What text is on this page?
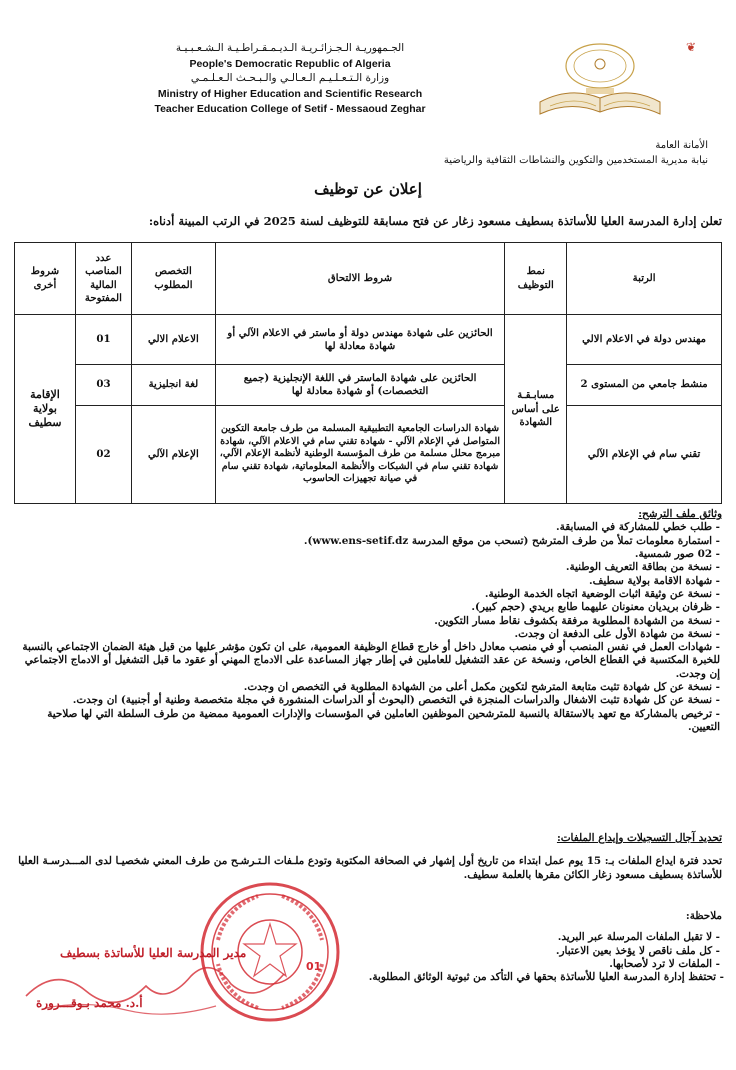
الجـمهوريـة الـجـزائـريـة الـديـمـقـراطـيـة الـشـعـبـيـة
People's Democratic Republic of Algeria
وزارة الـتـعـلـيـم الـعـالـي والـبـحـث الـعـلـمـي
Ministry of Higher Education and Scientific Research
Teacher Education College of Setif - Messaoud Zeghar
❦
الأمانة العامة
نيابة مديرية المستخدمين والتكوين والنشاطات الثقافية والرياضية
إعلان عن توظيف
تعلن إدارة المدرسة العليا للأساتذة بسطيف مسعود زغار عن فتح مسابقة للتوظيف لسنة 2025 في الرتب المبينة أدناه:
الرتبة	نمط التوظيف	شروط الالتحاق	التخصص المطلوب	عدد المناصب المالية المفتوحة	شروط أخرى
مهندس دولة في الاعلام الالي	مسابـقـة على أساس الشهادة	الحائزين على شهادة مهندس دولة أو ماستر في الاعلام الآلي أو شهادة معادلة لها	الاعلام الالي	01	الإقامة بولاية سطيف
منشط جامعي من المستوى 2		الحائزين على شهادة الماستر في اللغة الإنجليزية (جميع التخصصات) أو شهادة معادلة لها	لغة انجليزية	03	
تقني سام في الإعلام الآلي		شهادة الدراسات الجامعية التطبيقية المسلمة من طرف جامعة التكوين المتواصل في الإعلام الآلي - شهادة تقني سام في الاعلام الآلي، شهادة مبرمج محلل مسلمة من طرف المؤسسة الوطنية لأنظمة الإعلام الآلي، شهادة تقني سام في الشبكات والأنظمة المعلوماتية، شهادة تقني سام في صيانة تجهيزات الحاسوب	الإعلام الآلي	02	
وثائق ملف الترشح:
- طلب خطي للمشاركة في المسابقة.
- استمارة معلومات تملأ من طرف المترشح (تسحب من موقع المدرسة www.ens-setif.dz).
- 02 صور شمسية.
- نسخة من بطاقة التعريف الوطنية.
- شهادة الاقامة بولاية سطيف.
- نسخة عن وثيقة اثبات الوضعية اتجاه الخدمة الوطنية.
- ظرفان بريديان معنونان عليهما طابع بريدي (حجم كبير).
- نسخة من الشهادة المطلوبة مرفقة بكشوف نقاط مسار التكوين.
- نسخة من شهادة الأول على الدفعة ان وجدت.
- شهادات العمل في نفس المنصب أو في منصب معادل داخل أو خارج قطاع الوظيفة العمومية، على ان تكون مؤشر عليها من قبل هيئة الضمان الاجتماعي بالنسبة للخبرة المكتسبة في القطاع الخاص، ونسخة عن عقد التشغيل للعاملين في إطار جهاز المساعدة على الادماج المهني أو عقود ما قبل التشغيل أو الادماج الاجتماعي إن وجدت.
- نسخة عن كل شهادة تثبت متابعة المترشح لتكوين مكمل أعلى من الشهادة المطلوبة في التخصص ان وجدت.
- نسخة عن كل شهادة تثبت الاشغال والدراسات المنجزة في التخصص (البحوث أو الدراسات المنشورة في مجلة متخصصة وطنية أو أجنبية) ان وجدت.
- ترخيص بالمشاركة مع تعهد بالاستقالة بالنسبة للمترشحين الموظفين العاملين في المؤسسات والإدارات العمومية ممضية من طرف السلطة التي لها صلاحية التعيين.
تحديد آجال التسجيلات وإيداع الملفات:
تحدد فترة ايداع الملفات بـ: 15 يوم عمل ابتداء من تاريخ أول إشهار في الصحافة المكتوبة وتودع ملـفات الـتـرشـح من طرف المعني شخصيـا لدى المـــدرسـة العليا للأساتذة بسطيف مسعود زغار الكائن مقرها بالعلمة سطيف.
ملاحظة:
- لا تقبل الملفات المرسلة عبر البريد.
- كل ملف ناقص لا يؤخذ بعين الاعتبار.
- الملفات لا ترد لأصحابها.
- تحتفظ إدارة المدرسة العليا للأساتذة بحقها في التأكد من ثبوتية الوثائق المطلوبة.
01
مدير المدرسة العليا للأساتذة بسطيف
أ.د. محمد بـوقـــرورة
